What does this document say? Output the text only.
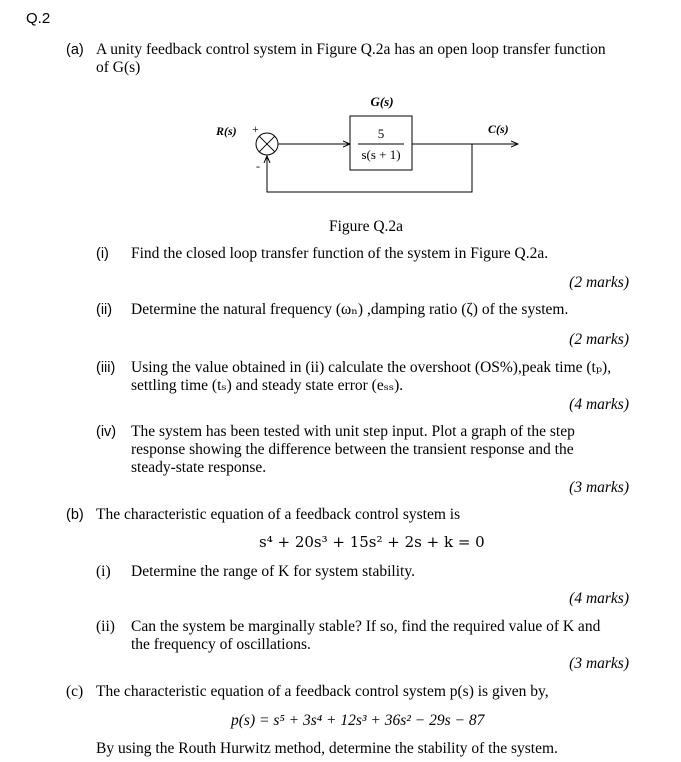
Q.2
(a) A unity feedback control system in Figure Q.2a has an open loop transfer function
of G(s)
G(s)
R(s) +
-
5
s(s + 1)
C(s)
Figure Q.2a
(i) Find the closed loop transfer function of the system in Figure Q.2a.
(2 marks)
(ii) Determine the natural frequency (ωₙ) ,damping ratio (ζ) of the system.
(2 marks)
(iii) Using the value obtained in (ii) calculate the overshoot (OS%),peak time (tₚ),
settling time (tₛ) and steady state error (eₛₛ).
(4 marks)
(iv) The system has been tested with unit step input. Plot a graph of the step
response showing the difference between the transient response and the
steady-state response.
(3 marks)
(b) The characteristic equation of a feedback control system is
s⁴ + 20s³ + 15s² + 2s + k = 0
(i) Determine the range of K for system stability.
(4 marks)
(ii) Can the system be marginally stable? If so, find the required value of K and
the frequency of oscillations.
(3 marks)
(c) The characteristic equation of a feedback control system p(s) is given by,
p(s) = s⁵ + 3s⁴ + 12s³ + 36s² − 29s − 87
By using the Routh Hurwitz method, determine the stability of the system.
